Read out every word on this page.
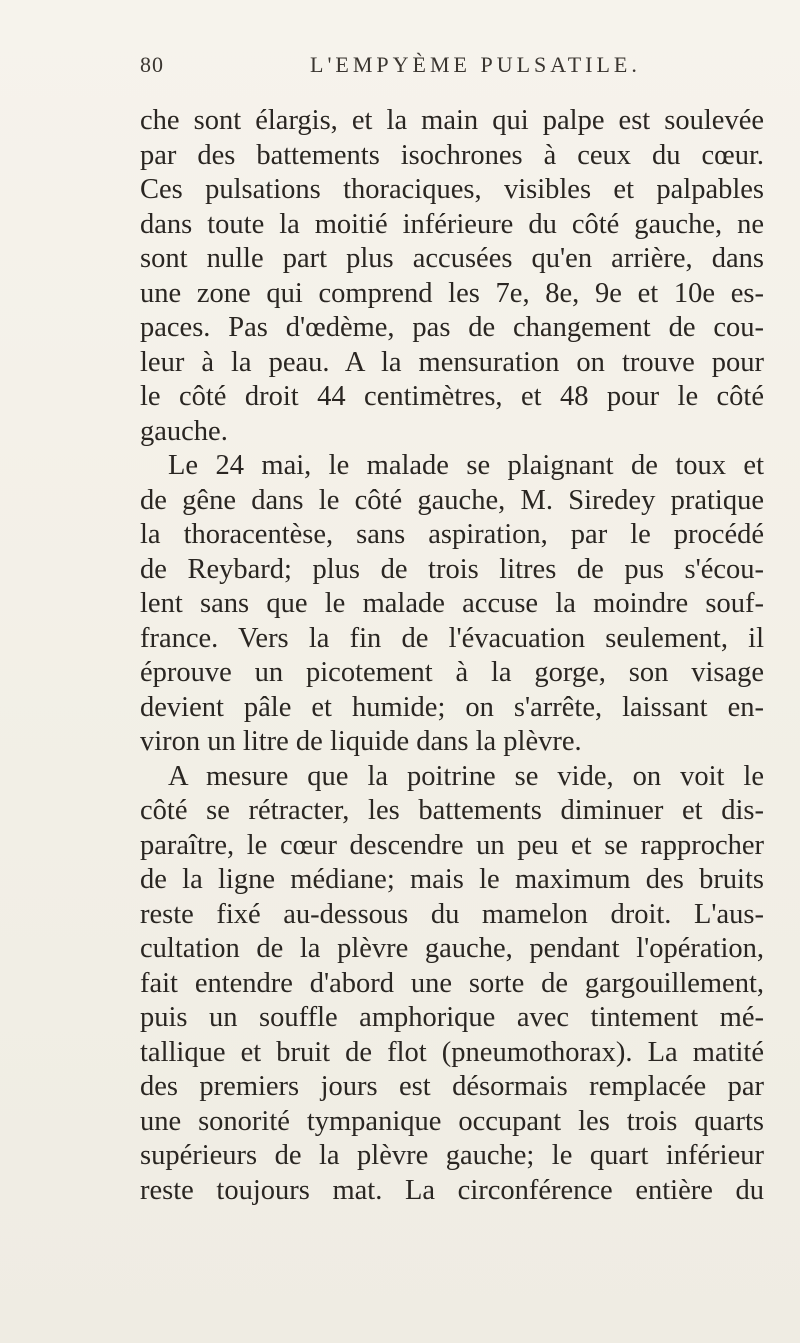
80	L'EMPYÈME PULSATILE.
che sont élargis, et la main qui palpe est soulevée
par des battements isochrones à ceux du cœur.
Ces pulsations thoraciques, visibles et palpables
dans toute la moitié inférieure du côté gauche, ne
sont nulle part plus accusées qu'en arrière, dans
une zone qui comprend les 7e, 8e, 9e et 10e es-
paces. Pas d'œdème, pas de changement de cou-
leur à la peau. A la mensuration on trouve pour
le côté droit 44 centimètres, et 48 pour le côté
gauche.
Le 24 mai, le malade se plaignant de toux et
de gêne dans le côté gauche, M. Siredey pratique
la thoracentèse, sans aspiration, par le procédé
de Reybard; plus de trois litres de pus s'écou-
lent sans que le malade accuse la moindre souf-
france. Vers la fin de l'évacuation seulement, il
éprouve un picotement à la gorge, son visage
devient pâle et humide; on s'arrête, laissant en-
viron un litre de liquide dans la plèvre.
A mesure que la poitrine se vide, on voit le
côté se rétracter, les battements diminuer et dis-
paraître, le cœur descendre un peu et se rapprocher
de la ligne médiane; mais le maximum des bruits
reste fixé au-dessous du mamelon droit. L'aus-
cultation de la plèvre gauche, pendant l'opération,
fait entendre d'abord une sorte de gargouillement,
puis un souffle amphorique avec tintement mé-
tallique et bruit de flot (pneumothorax). La matité
des premiers jours est désormais remplacée par
une sonorité tympanique occupant les trois quarts
supérieurs de la plèvre gauche; le quart inférieur
reste toujours mat. La circonférence entière du
